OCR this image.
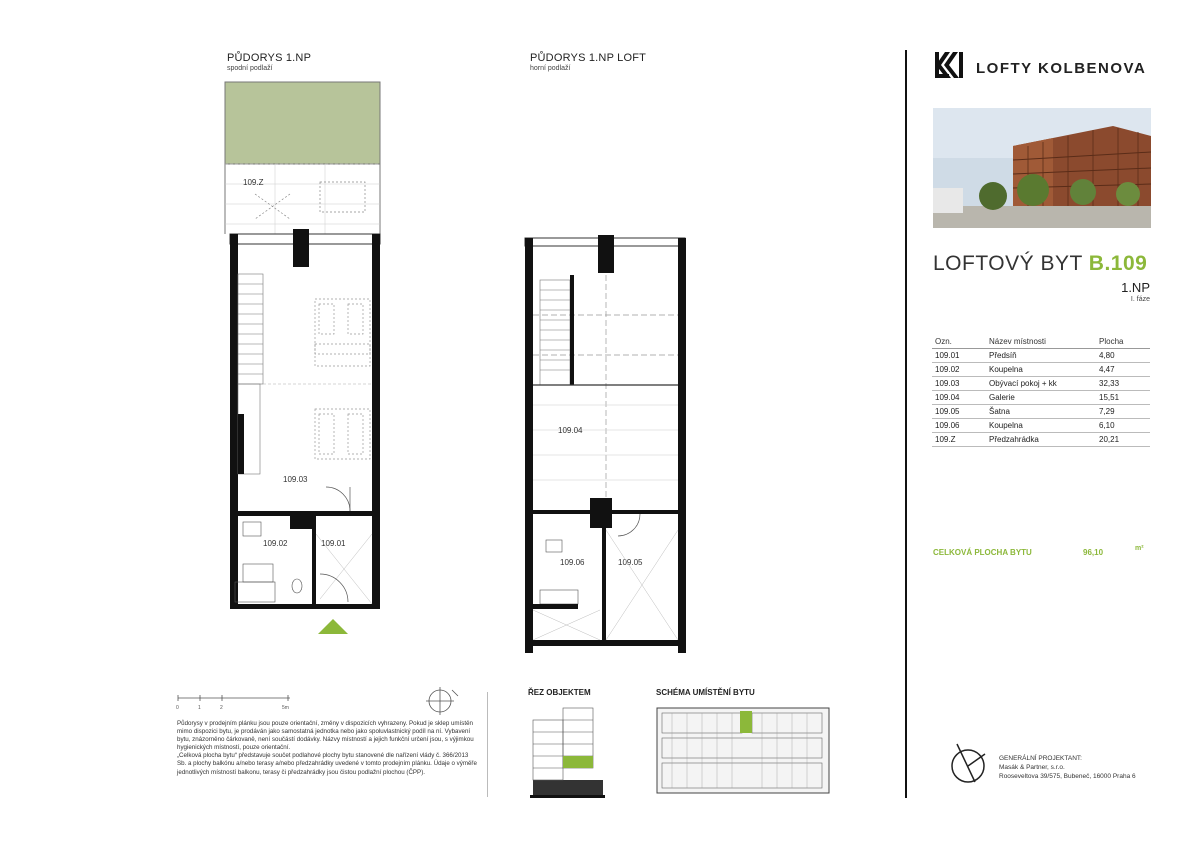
PŮDORYS 1.NP
spodní podlaží
109.Z
109.03
109.02	109.01
PŮDORYS 1.NP LOFT
horní podlaží
109.04
109.06	109.05
LOFTY KOLBENOVA
LOFTOVÝ BYT B.109
1.NP
I. fáze
Ozn.	Název místnosti	Plocha
109.01	Předsíň	4,80
109.02	Koupelna	4,47
109.03	Obývací pokoj + kk	32,33
109.04	Galerie	15,51
109.05	Šatna	7,29
109.06	Koupelna	6,10
109.Z	Předzahrádka	20,21
CELKOVÁ PLOCHA BYTU	96,10	m²
0	1	2	5m
Půdorysy v prodejním plánku jsou pouze orientační, změny v dispozicích vyhrazeny. Pokud je sklep umístěn mimo dispozici bytu, je prodáván jako samostatná jednotka nebo jako spoluvlastnický podíl na ní. Vybavení bytu, znázorněno čárkovaně, není součástí dodávky. Názvy místností a jejich funkční určení jsou, s výjimkou hygienických místností, pouze orientační.
„Celková plocha bytu“ představuje součet podlahové plochy bytu stanovené dle nařízení vlády č. 366/2013 Sb. a plochy balkónu a/nebo terasy a/nebo předzahrádky uvedené v tomto prodejním plánku. Údaje o výměře jednotlivých místností balkonu, terasy či předzahrádky jsou čistou podlažní plochou (ČPP).
ŘEZ OBJEKTEM	SCHÉMA UMÍSTĚNÍ BYTU
GENERÁLNÍ PROJEKTANT:
Masák & Partner, s.r.o.
Rooseveltova 39/575, Bubeneč, 16000 Praha 6
